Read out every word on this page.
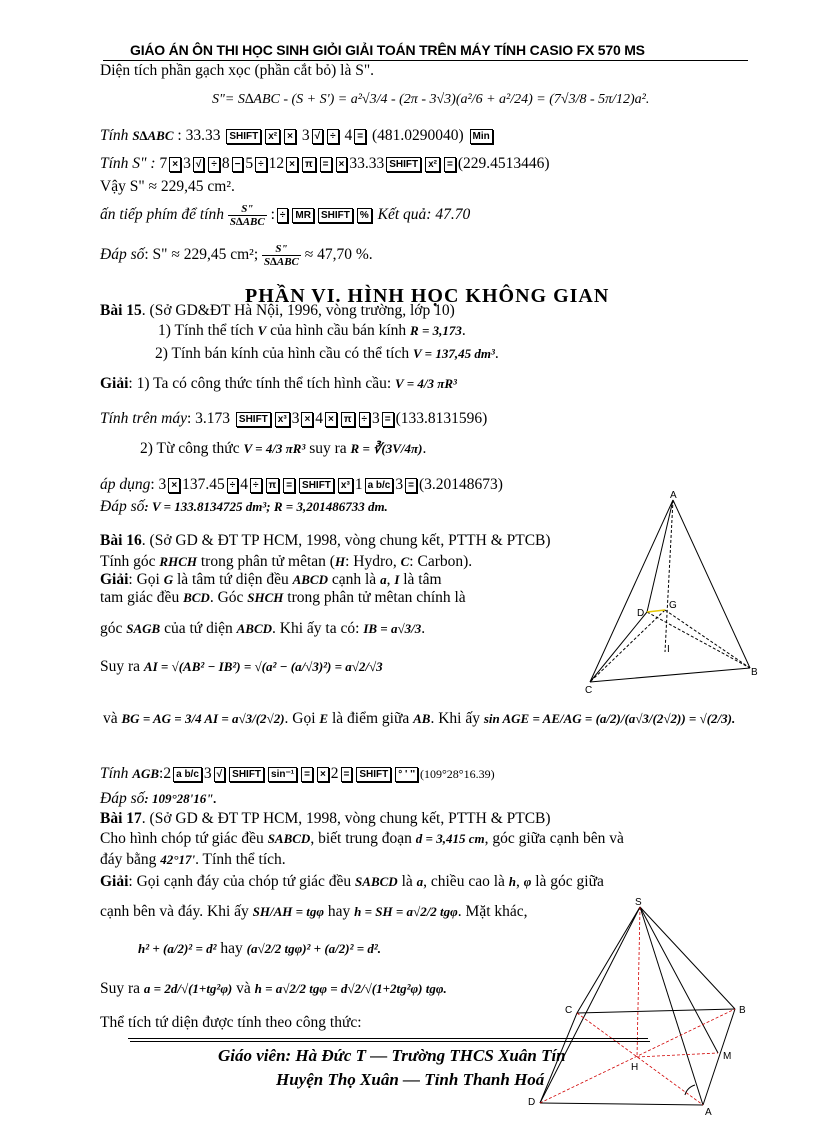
GIÁO ÁN ÔN THI HỌC SINH GIỎI GIẢI TOÁN TRÊN MÁY TÍNH CASIO FX 570 MS
Diện tích phần gạch xọc (phần cắt bỏ) là S".
S"= S∆ABC - (S + S') = a²√3/4 - (2π - 3√3)(a²/6 + a²/24) = (7√3/8 - 5π/12)a².
Tính S∆ABC : 33.33 SHIFT x² × 3 √ ÷ 4 = (481.0290040) Min
Tính S" : 7 × 3 √ ÷ 8 − 5 ÷ 12 × π = × 33.33 SHIFT x² = (229.4513446)
Vậy S" ≈ 229,45 cm².
ấn tiếp phím để tính $\frac{S"}{\text{S∆ABC}}$ : ÷ MR SHIFT % Kết quả: 47.70
Đáp số: S" ≈ 229,45 cm²; $\frac{S"}{\text{S∆ABC}} \approx 47,70$ %.
PHẦN VI. HÌNH HỌC KHÔNG GIAN
Bài 15. (Sở GD&ĐT Hà Nội, 1996, vòng trường, lớp 10)
1) Tính thể tích V của hình cầu bán kính R = 3,173.
2) Tính bán kính của hình cầu có thể tích V = 137,45 dm³.
Giải: 1) Ta có công thức tính thể tích hình cầu: V = 4/3 πR³
Tính trên máy: 3.173 SHIFT x³ 3 × 4 × π ÷ 3 = (133.8131596)
2) Từ công thức V = 4/3 πR³ suy ra R = ∛(3V/4π).
áp dụng: 3 × 137.45 ÷ 4 ÷ π = SHIFT x³ 1 a b/c 3 = (3.20148673)
Đáp số: V = 133.8134725 dm³; R = 3,201486733 dm.
Bài 16. (Sở GD & ĐT TP HCM, 1998, vòng chung kết, PTTH & PTCB)
Tính góc RHCH trong phân tử mêtan (H: Hydro, C: Carbon).
Giải: Gọi G là tâm tứ diện đều ABCD cạnh là a, I là tâm
tam giác đều BCD. Góc SHCH trong phân tử mêtan chính là
góc SAGB của tứ diện ABCD. Khi ấy ta có: IB = a√3/3.
Suy ra AI = √(AB² − IB²) = √(a² − (a/√3)²) = a√2/√3
và BG = AG = 3/4 AI = a√3/(2√2). Gọi E là điểm giữa AB. Khi ấy sin AGE = AE/AG = (a/2)/(a√3/(2√2)) = √(2/3).
Tính AGB:2 a b/c 3 √ SHIFT sin⁻¹ = × 2 = SHIFT ° ' '' (109°28°16.39)
Đáp số: 109°28'16".
Bài 17. (Sở GD & ĐT TP HCM, 1998, vòng chung kết, PTTH & PTCB)
Cho hình chóp tứ giác đều SABCD, biết trung đoạn d = 3,415 cm, góc giữa cạnh bên và
đáy bằng 42°17'. Tính thể tích.
Giải: Gọi cạnh đáy của chóp tứ giác đều SABCD là a, chiều cao là h, φ là góc giữa
cạnh bên và đáy. Khi ấy SH/AH = tgφ hay h = SH = a√2/2 tgφ. Mặt khác,
h² + (a/2)² = d² hay (a√2/2 tgφ)² + (a/2)² = d².
Suy ra a = 2d/√(1+tg²φ) và h = a√2/2 tgφ = d√2/√(1+2tg²φ) tgφ.
Thể tích tứ diện được tính theo công thức:
A
B
C
D
G
I
S
A
B
C
D
H
M
Giáo viên: Hà Đức T — Trường THCS Xuân Tín
Huyện Thọ Xuân — Tỉnh Thanh Hoá
